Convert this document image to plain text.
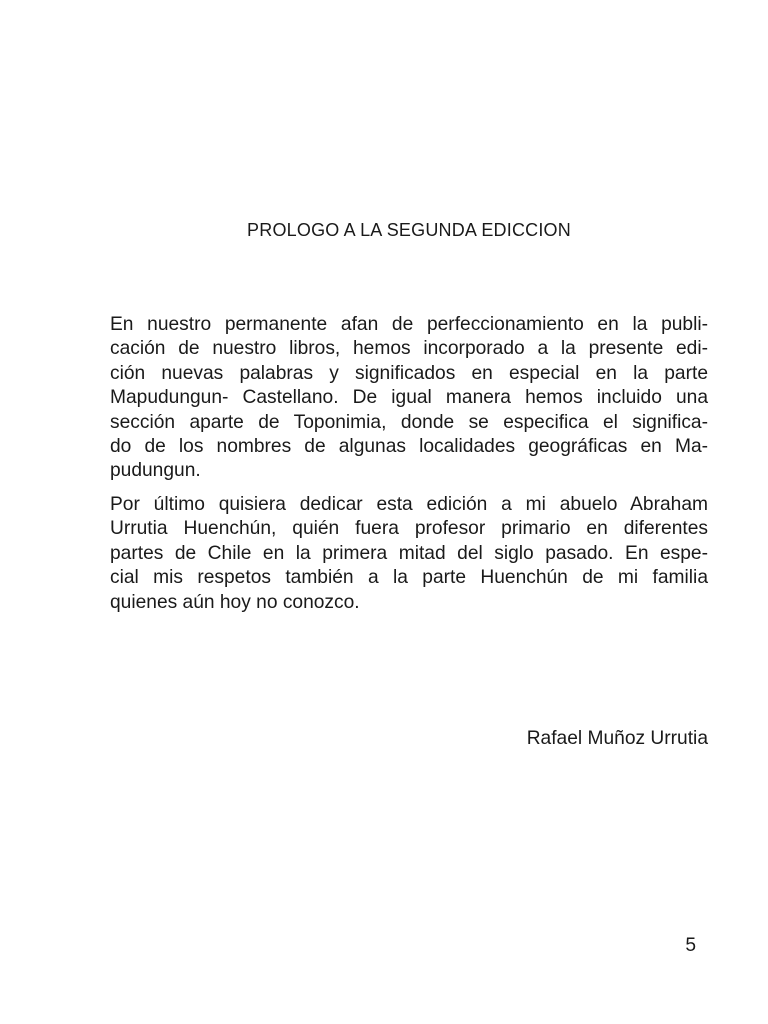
PROLOGO A LA SEGUNDA EDICCION
En nuestro permanente afan de perfeccionamiento en la publi-
cación de nuestro libros, hemos incorporado a la presente edi-
ción nuevas palabras y significados en especial en la parte
Mapudungun- Castellano. De igual manera hemos incluido una
sección aparte de Toponimia, donde se especifica el significa-
do de los nombres de algunas localidades geográficas en Ma-
pudungun.
Por último quisiera dedicar esta edición a mi abuelo Abraham
Urrutia Huenchún, quién fuera profesor primario en diferentes
partes de Chile en la primera mitad del siglo pasado. En espe-
cial mis respetos también a la parte Huenchún de mi familia
quienes aún hoy no conozco.

Rafael Muñoz Urrutia

5
